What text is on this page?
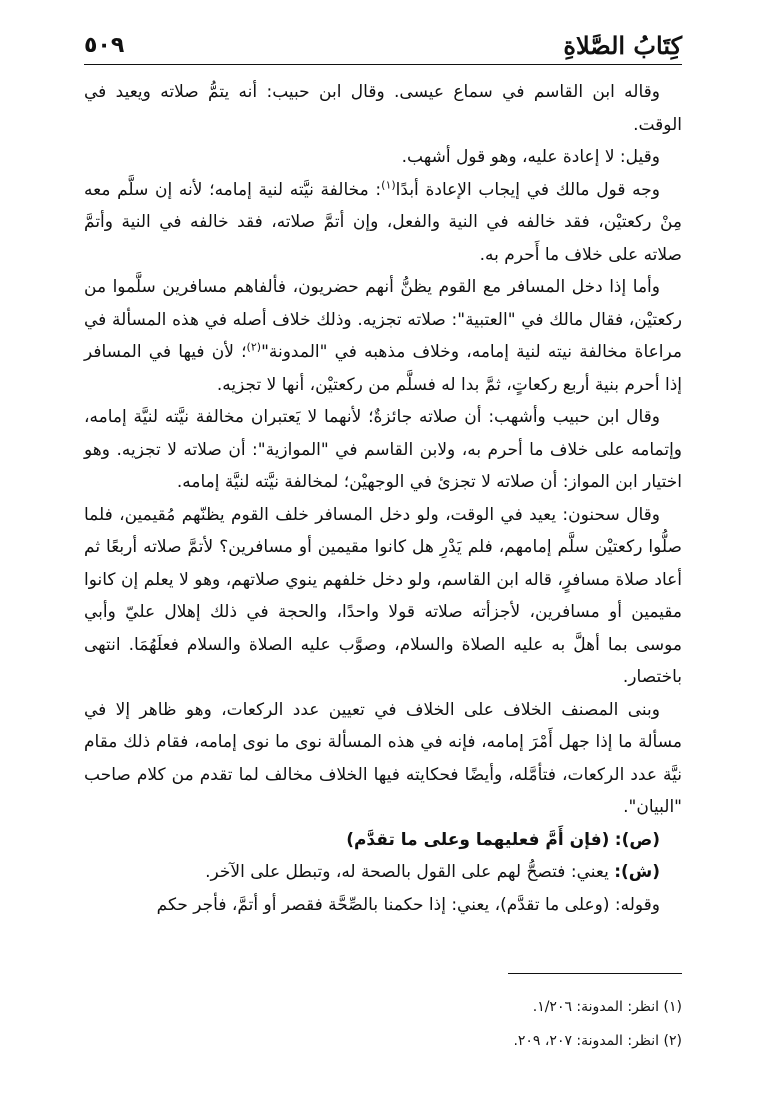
كِتَابُ الصَّلاةِ
٥٠٩

وقاله ابن القاسم في سماع عيسى. وقال ابن حبيب: أنه يتمُّ صلاته ويعيد في الوقت.

وقيل: لا إعادة عليه، وهو قول أشهب.

وجه قول مالك في إيجاب الإعادة أبدًا$^{(١)}$: مخالفة نيَّته لنية إمامه؛ لأنه إن سلَّم معه مِنْ ركعتيْن، فقد خالفه في النية والفعل، وإن أتمَّ صلاته، فقد خالفه في النية وأتمَّ صلاته على خلاف ما أَحرم به.

وأما إذا دخل المسافر مع القوم يظنُّ أنهم حضريون، فألفاهم مسافرين سلَّموا من ركعتيْن، فقال مالك في "العتبية": صلاته تجزيه. وذلك خلاف أصله في هذه المسألة في مراعاة مخالفة نيته لنية إمامه، وخلاف مذهبه في "المدونة"$^{(٢)}$؛ لأن فيها في المسافر إذا أحرم بنية أربع ركعاتٍ، ثمَّ بدا له فسلَّم من ركعتيْن، أنها لا تجزيه.

وقال ابن حبيب وأشهب: أن صلاته جائزةٌ؛ لأنهما لا يَعتبران مخالفة نيَّته لنيَّة إمامه، وإتمامه على خلاف ما أحرم به، ولابن القاسم في "الموازية": أن صلاته لا تجزيه. وهو اختيار ابن المواز: أن صلاته لا تجزئ في الوجهيْن؛ لمخالفة نيَّته لنيَّة إمامه.

وقال سحنون: يعيد في الوقت، ولو دخل المسافر خلف القوم يظنّهم مُقيمين، فلما صلُّوا ركعتيْن سلَّم إمامهم، فلم يَدْرِ هل كانوا مقيمين أو مسافرين؟ لأتمَّ صلاته أربعًا ثم أعاد صلاة مسافرٍ، قاله ابن القاسم، ولو دخل خلفهم ينوي صلاتهم، وهو لا يعلم إن كانوا مقيمين أو مسافرين، لأجزأته صلاته قولا واحدًا، والحجة في ذلك إهلال عليّ وأبي موسى بما أهلَّ به عليه الصلاة والسلام، وصوَّب عليه الصلاة والسلام فعلَهُمَا. انتهى باختصار.

وبنى المصنف الخلاف على الخلاف في تعيين عدد الركعات، وهو ظاهر إلا في مسألة ما إذا جهل أَمْرَ إمامه، فإنه في هذه المسألة نوى ما نوى إمامه، فقام ذلك مقام نيَّة عدد الركعات، فتأمَّله، وأيضًا فحكايته فيها الخلاف مخالف لما تقدم من كلام صاحب "البيان".

(ص): (فإن أَمَّ فعليهما وعلى ما تقدَّم)

(ش): يعني: فتصحُّ لهم على القول بالصحة له، وتبطل على الآخر.

وقوله: (وعلى ما تقدَّم)، يعني: إذا حكمنا بالصِّحَّة فقصر أو أتمَّ، فأجر حكم

(١) انظر: المدونة: ١/٢٠٦.
(٢) انظر: المدونة: ٢٠٧، ٢٠٩.
